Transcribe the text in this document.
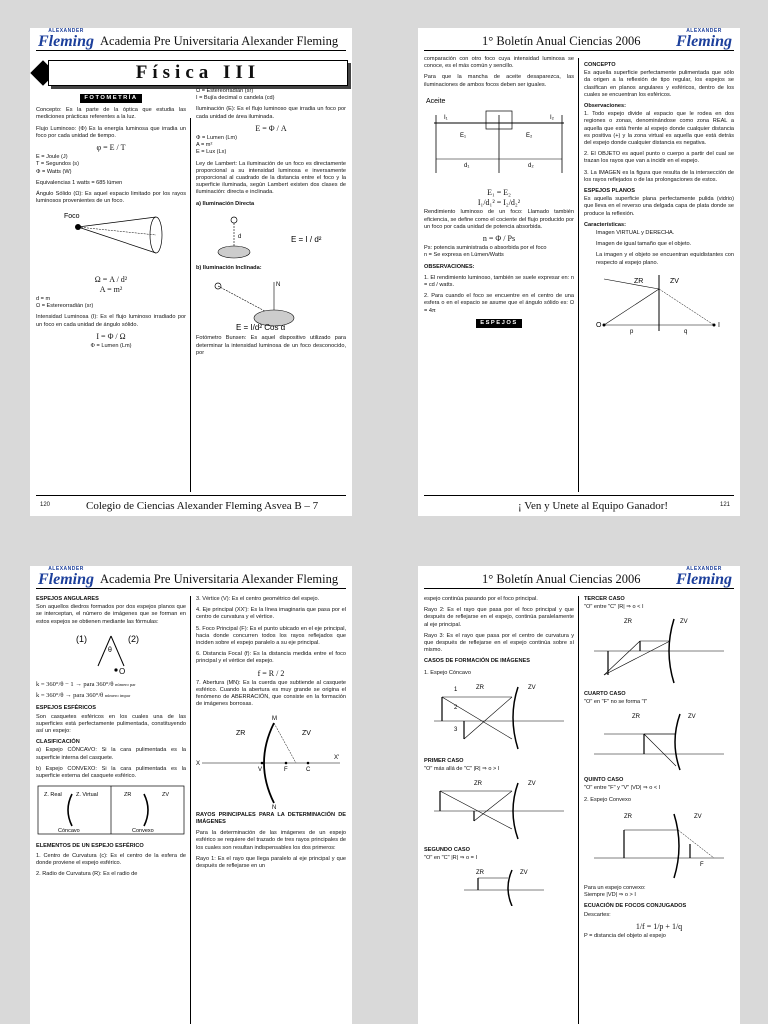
ALEXANDER
Fleming Academia Pre Universitaria Alexander Fleming
Física III

FOTOMETRÍA

Concepto: Es la parte de la óptica que estudia las mediciones prácticas referentes a la luz.

Flujo Luminoso: (Φ) Es la energía luminosa que irradia un foco por cada unidad de tiempo.

φ = E / T

E = Joule (J)
T = Segundos (s)
Φ = Watts (W)

Equivalencias 1 watts = 685 lúmen

Ángulo Sólido (Ω): Es aquel espacio limitado por los rayos luminosos provenientes de un foco.

Foco
Ω = A / d²
A = m²

d = m
Ω = Estereorradián (sr)

Intensidad Luminosa (I): Es el flujo luminoso irradiado por un foco en cada unidad de ángulo sólido.

I = Φ / Ω

Φ = Lumen (Lm)

Ω = Estereorradián (sr)
I = Bujía decimal o candela (cd)

Iluminación (E): Es el flujo luminoso que irradia un foco por cada unidad de área iluminada.

E = Φ / A

Φ = Lumen (Lm)
A = m²
E = Lux (Lx)

Ley de Lambert: La iluminación de un foco es directamente proporcional a su intensidad luminosa e inversamente proporcional al cuadrado de la distancia entre el foco y la superficie iluminada, según Lambert existen dos clases de iluminación: directa e inclinada.

a) Iluminación Directa

d	E = I / d²

b) Iluminación Inclinada:

N
E = I/d² Cos α

Fotómetro Bunsen: Es aquel dispositivo utilizado para determinar la intensidad luminosa de un foco desconocido, por

120	Colegio de Ciencias Alexander Fleming Asvea B – 7
1° Boletín Anual Ciencias 2006
ALEXANDER
Fleming

comparación con otro foco cuya intensidad luminosa se conoce, es el más común y sencillo.

Para que la mancha de aceite desaparezca, las iluminaciones de ambos focos deben ser iguales.

Aceite
I₁	I₂
E₁	E₂
d₁	d₂
E₁ = E₂
I₁/d₁² = I₂/d₂²

Rendimiento luminoso de un foco: Llamado también eficiencia, se define como el cociente del flujo producido por un foco por cada unidad de potencia absorbida.

n = Φ / Ps

Ps: potencia suministrada o absorbida por el foco
n = Se expresa en Lúmen/Watts

OBSERVACIONES:

1. El rendimiento luminoso, también se suele expresar en: n = cd / watts.

2. Para cuando el foco se encuentre en el centro de una esfera o en el espacio se asume que el ángulo sólido es: Ω = 4π

ESPEJOS

CONCEPTO

Es aquella superficie perfectamente pulimentada que sólo da origen a la reflexión de tipo regular, los espejos se clasifican en planos angulares y esféricos, dentro de los cuales se encuentran los esféricos.

Observaciones:

1. Todo espejo divide al espacio que le rodea en dos regiones o zonas, denominándose como zona REAL a aquella que está frente al espejo donde cualquier distancia es positiva (+) y la zona virtual es aquella que está detrás del espejo donde cualquier distancia es negativa.

2. El OBJETO es aquel punto o cuerpo a partir del cual se trazan los rayos que van a incidir en el espejo.

3. La IMAGEN es la figura que resulta de la intersección de los rayos reflejados o de las prolongaciones de estos.

ESPEJOS PLANOS

Es aquella superficie plana perfectamente pulida (vidrio) que lleva en el reverso una delgada capa de plata donde se produce la reflexión.

Características:

Imagen VIRTUAL y DERECHA.

Imagen de igual tamaño que el objeto.

La imagen y el objeto se encuentran equidistantes con respecto al espejo plano.

ZR	ZV
O	I
p	q
¡ Ven y Unete al Equipo Ganador!	121
ALEXANDER
Fleming Academia Pre Universitaria Alexander Fleming

ESPEJOS ANGULARES

Son aquellos diedros formados por dos espejos planos que se interceptan, el número de imágenes que se forman en estos espejos se obtienen mediante las fórmulas:

(1)	(2)
θ
O
k = 360°/θ − 1 → para 360°/θ número par
k = 360°/θ → para 360°/θ número impar

ESPEJOS ESFÉRICOS

Son casquetes esféricos en los cuales una de las superficies está perfectamente pulimentada, constituyendo así un espejo:

CLASIFICACIÓN

a) Espejo CÓNCAVO: Si la cara pulimentada es la superficie interna del casquete.

b) Espejo CONVEXO: Si la cara pulimentada es la superficie externa del casquete esférico.

Z. Real	Z. Virtual	ZR	ZV
Cóncavo	Convexo

ELEMENTOS DE UN ESPEJO ESFÉRICO

1. Centro de Curvatura (c): Es el centro de la esfera de donde proviene el espejo esférico.

2. Radio de Curvatura (R): Es el radio de

3. Vértice (V): Es el centro geométrico del espejo.

4. Eje principal (XX'): Es la línea imaginaria que pasa por el centro de curvatura y el vértice.

5. Foco Principal (F): Es el punto ubicado en el eje principal, hacia donde concurren todos los rayos reflejados que inciden sobre el espejo paralelo a su eje principal.

6. Distancia Focal (f): Es la distancia medida entre el foco principal y el vértice del espejo.

f = R / 2

7. Abertura (MN): Es la cuerda que subtiende al casquete esférico. Cuando la abertura es muy grande se origina el fenómeno de ABERRACIÓN, que consiste en la formación de imágenes borrosas.

M
ZR	ZV
X
X'
V	F	C
N

RAYOS PRINCIPALES PARA LA DETERMINACIÓN DE IMÁGENES

Para la determinación de las imágenes de un espejo esférico se requiere del trazado de tres rayos principales de los cuales son resultan indispensables los dos primeros:

Rayo 1: Es el rayo que llega paralelo al eje principal y que después de reflejarse en un

1° Boletín Anual Ciencias 2006
ALEXANDER
Fleming

espejo continúa pasando por el foco principal.

Rayo 2: Es el rayo que pasa por el foco principal y que después de reflejarse en el espejo, continúa paralelamente al eje principal.

Rayo 3: Es el rayo que pasa por el centro de curvatura y que después de reflejarse en el espejo continúa sobre sí mismo.

CASOS DE FORMACIÓN DE IMÁGENES

1. Espejo Cóncavo

ZR	ZV
1
2
3

PRIMER CASO

"O" más allá de "C" |R| ⇒ o > I

ZR	ZV

SEGUNDO CASO

"O" en "C" |R| ⇒ o = I

ZR	ZV

TERCER CASO

"O" entre "C" |R| ⇒ o < I

ZR	ZV

CUARTO CASO

"O" en "F" no se forma "I"

ZR	ZV

QUINTO CASO

"O" entre "F" y "V" |VD| ⇒ o < I

2. Espejo Convexo

ZR	ZV
F

Para un espejo convexo:
Siempre |VD| ⇒ o > I

ECUACIÓN DE FOCOS CONJUGADOS

Descartes:

1/f = 1/p + 1/q

P = distancia del objeto al espejo
